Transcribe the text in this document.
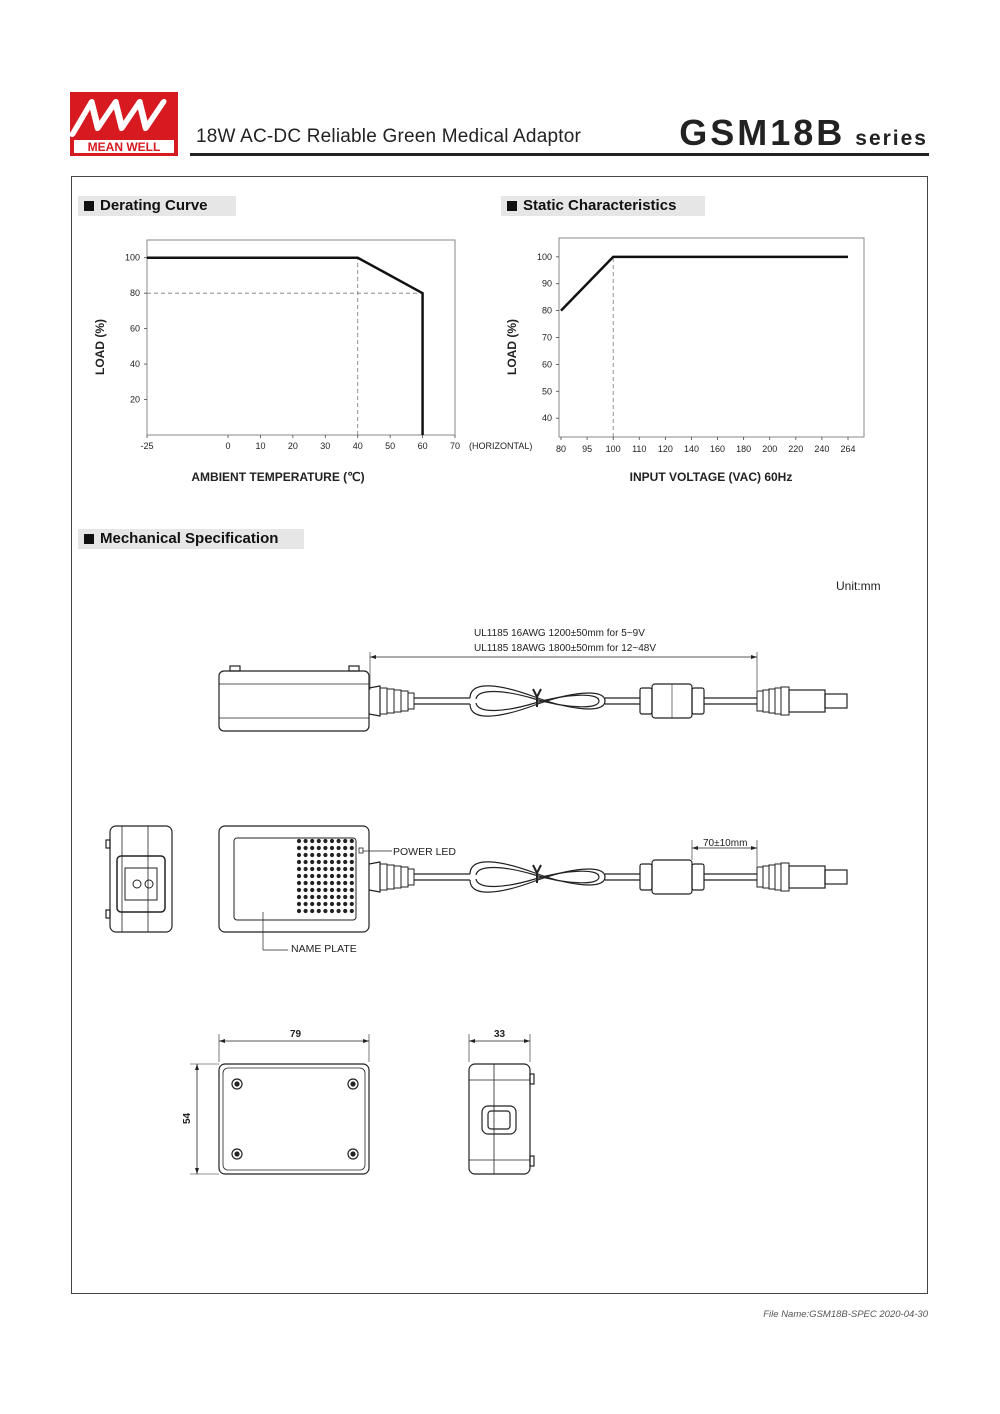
MEAN WELL 18W AC-DC Reliable Green Medical Adaptor	GSM18B series
Derating Curve	Static Characteristics
Mechanical Specification
-25	0	10 20 30 40 50 60 70 (HORIZONTAL)
20
40
60
80
100
AMBIENT TEMPERATURE (℃)
LOAD (%)
80 95 100 110 120 140 160 180 200 220 240 264
40
50
60
70
80
90
100
INPUT VOLTAGE (VAC) 60Hz
LOAD (%)
Unit:mm
UL1185 16AWG 1200±50mm for 5~9V
UL1185 18AWG 1800±50mm for 12~48V
POWER LED
NAME PLATE
70±10mm
79	33
54
File Name:GSM18B-SPEC 2020-04-30
